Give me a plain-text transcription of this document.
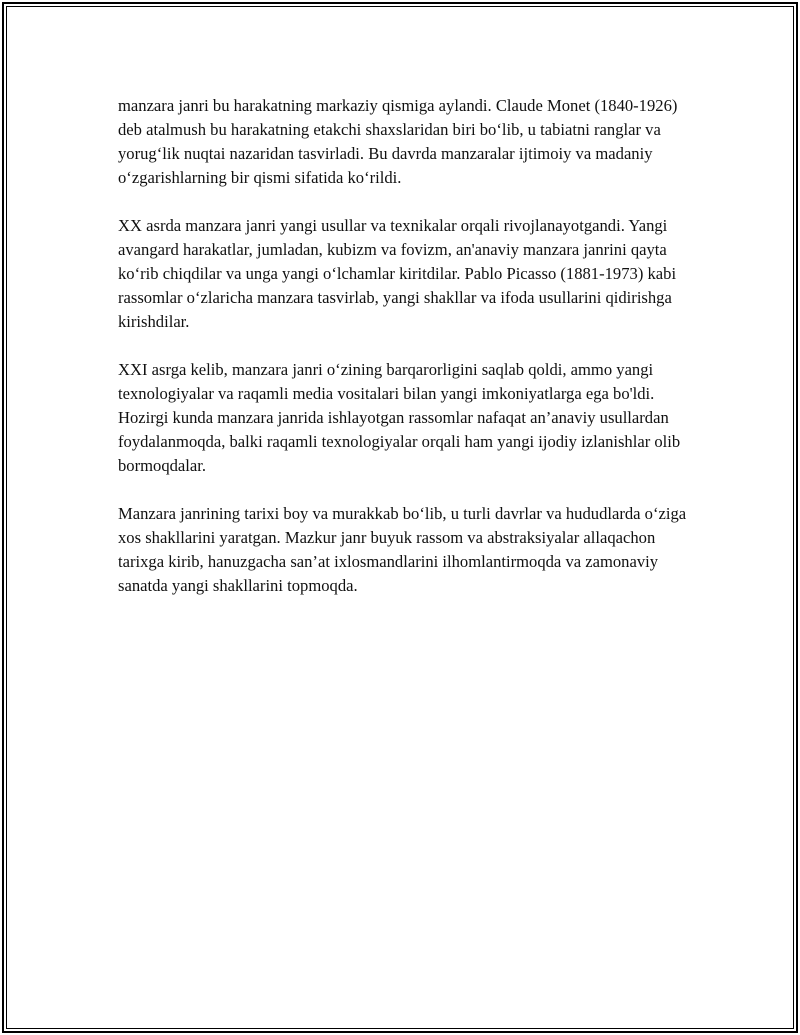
manzara janri bu harakatning markaziy qismiga aylandi. Claude Monet (1840-1926) deb atalmush bu harakatning etakchi shaxslaridan biri bo‘lib, u tabiatni ranglar va yorug‘lik nuqtai nazaridan tasvirladi. Bu davrda manzaralar ijtimoiy va madaniy o‘zgarishlarning bir qismi sifatida ko‘rildi.

XX asrda manzara janri yangi usullar va texnikalar orqali rivojlanayotgandi. Yangi avangard harakatlar, jumladan, kubizm va fovizm, an'anaviy manzara janrini qayta ko‘rib chiqdilar va unga yangi o‘lchamlar kiritdilar. Pablo Picasso (1881-1973) kabi rassomlar o‘zlaricha manzara tasvirlab, yangi shakllar va ifoda usullarini qidirishga kirishdilar.

XXI asrga kelib, manzara janri o‘zining barqarorligini saqlab qoldi, ammo yangi texnologiyalar va raqamli media vositalari bilan yangi imkoniyatlarga ega bo'ldi. Hozirgi kunda manzara janrida ishlayotgan rassomlar nafaqat an’anaviy usullardan foydalanmoqda, balki raqamli texnologiyalar orqali ham yangi ijodiy izlanishlar olib bormoqdalar.

Manzara janrining tarixi boy va murakkab bo‘lib, u turli davrlar va hududlarda o‘ziga xos shakllarini yaratgan. Mazkur janr buyuk rassom va abstraksiyalar allaqachon tarixga kirib, hanuzgacha san’at ixlosmandlarini ilhomlantirmoqda va zamonaviy sanatda yangi shakllarini topmoqda.
